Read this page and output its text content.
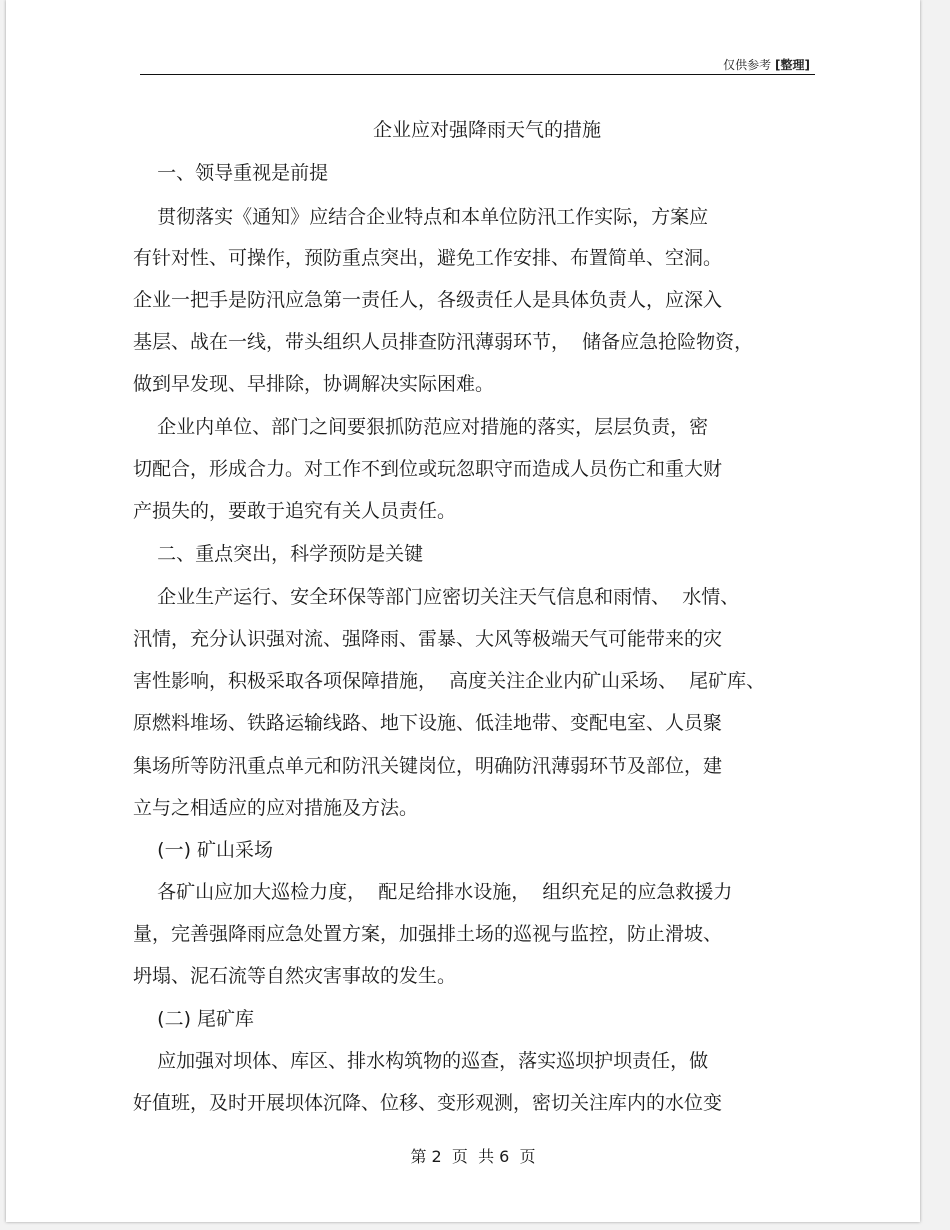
仅供参考 [整理]
企业应对强降雨天气的措施
一、领导重视是前提
贯彻落实《通知》应结合企业特点和本单位防汛工作实际，方案应
有针对性、可操作，预防重点突出，避免工作安排、布置简单、空洞。
企业一把手是防汛应急第一责任人，各级责任人是具体负责人，应深入
基层、战在一线，带头组织人员排查防汛薄弱环节，  储备应急抢险物资，
做到早发现、早排除，协调解决实际困难。
企业内单位、部门之间要狠抓防范应对措施的落实，层层负责，密
切配合，形成合力。对工作不到位或玩忽职守而造成人员伤亡和重大财
产损失的，要敢于追究有关人员责任。
二、重点突出，科学预防是关键
企业生产运行、安全环保等部门应密切关注天气信息和雨情、  水情、
汛情，充分认识强对流、强降雨、雷暴、大风等极端天气可能带来的灾
害性影响，积极采取各项保障措施，  高度关注企业内矿山采场、  尾矿库、
原燃料堆场、铁路运输线路、地下设施、低洼地带、变配电室、人员聚
集场所等防汛重点单元和防汛关键岗位，明确防汛薄弱环节及部位，建
立与之相适应的应对措施及方法。
(一) 矿山采场
各矿山应加大巡检力度，  配足给排水设施，  组织充足的应急救援力
量，完善强降雨应急处置方案，加强排土场的巡视与监控，防止滑坡、
坍塌、泥石流等自然灾害事故的发生。
(二) 尾矿库
应加强对坝体、库区、排水构筑物的巡查，落实巡坝护坝责任，做
好值班，及时开展坝体沉降、位移、变形观测，密切关注库内的水位变
第 2  页  共 6  页
